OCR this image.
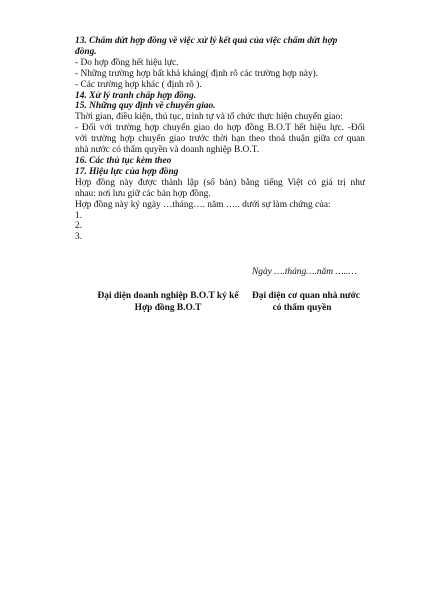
13. Chấm dứt hợp đồng về việc xử lý kết quả của việc chấm dứt hợp
đồng.
- Do hợp đồng hết hiệu lực.
- Những trường hợp bất khả kháng( định rõ các trường hợp này).
- Các trường hợp khác ( định rõ ).
14. Xử lý tranh chấp hợp đồng.
15. Những quy định về chuyển giao.
Thời gian, điều kiện, thủ tục, trình tự và tổ chức thực hiện chuyển giao:
- Đối với trường hợp chuyển giao do hợp đồng B.O.T hết hiệu lực. -Đối
với trường hợp chuyển giao trước thời hạn theo thoả thuận giữa cơ quan
nhà nước có thẩm quyền và doanh nghiệp B.O.T.
16. Các thủ tục kèm theo
17. Hiệu lực của hợp đồng
Hợp đồng này được thành lập (số bản) bằng tiếng Việt có giá trị như
nhau: nơi lưu giữ các bản hợp đồng.
Hợp đồng này ký ngày …tháng…. năm ….. dưới sự làm chứng của:
1.
2.
3.
Ngày ….tháng….năm …..…
Đại diện doanh nghiệp B.O.T ký kế
Hợp đồng B.O.T
Đại diện cơ quan nhà nước
có thẩm quyền
